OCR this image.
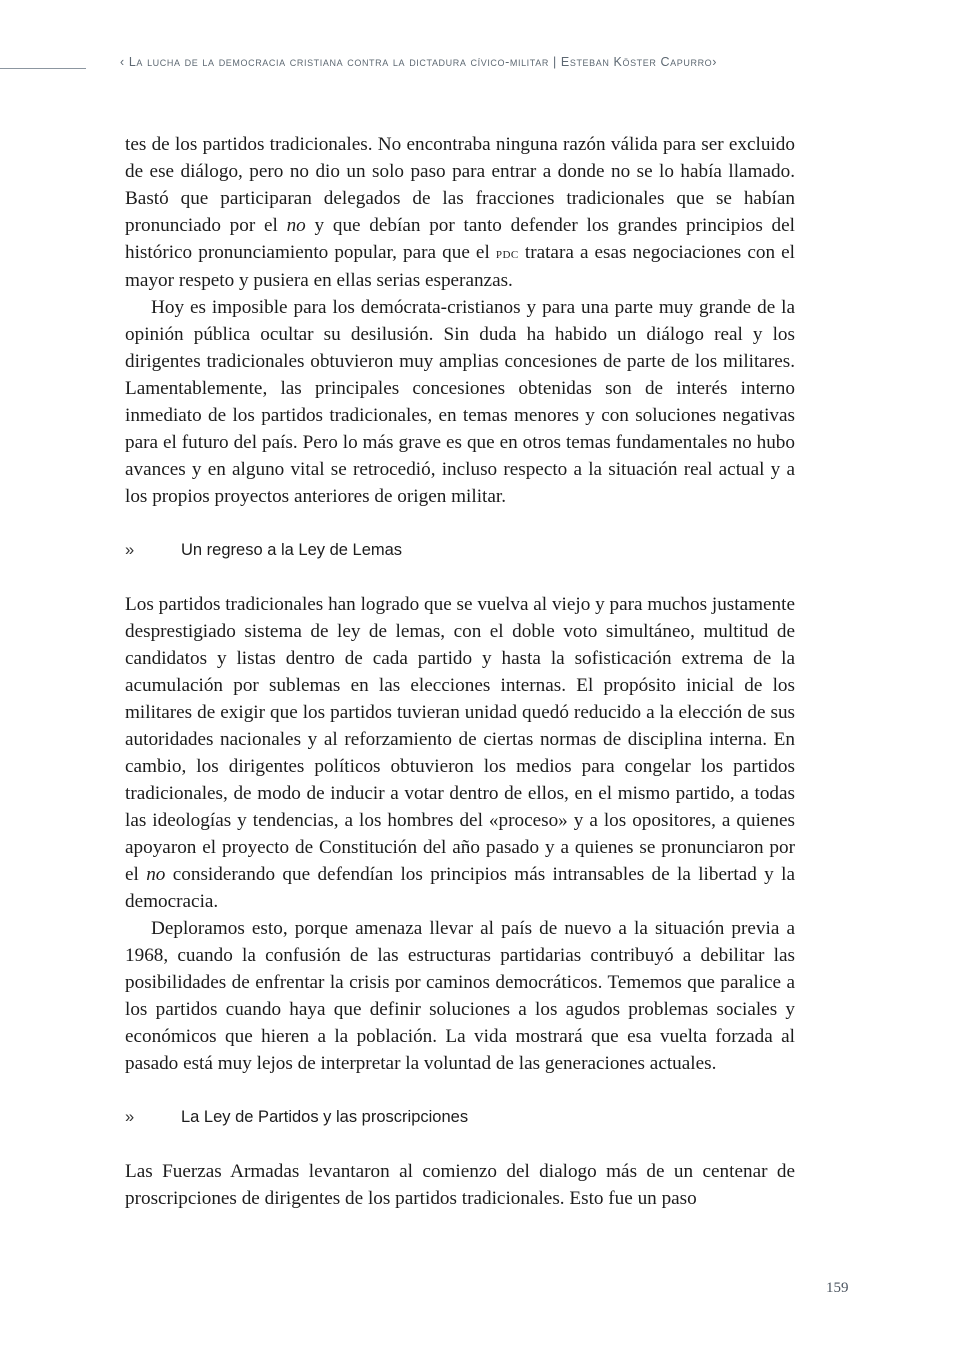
‹ La lucha de la democracia cristiana contra la dictadura cívico-militar | Esteban Köster Capurro›

tes de los partidos tradicionales. No encontraba ninguna razón válida para ser excluido de ese diálogo, pero no dio un solo paso para entrar a donde no se lo había llamado. Bastó que participaran delegados de las fracciones tradicionales que se habían pronunciado por el no y que debían por tanto defender los grandes principios del histórico pronunciamiento popular, para que el pdc tratara a esas negociaciones con el mayor respeto y pusiera en ellas serias esperanzas.

Hoy es imposible para los demócrata-cristianos y para una parte muy grande de la opinión pública ocultar su desilusión. Sin duda ha habido un diálogo real y los dirigentes tradicionales obtuvieron muy amplias concesiones de parte de los militares. Lamentablemente, las principales concesiones obtenidas son de interés interno inmediato de los partidos tradicionales, en temas menores y con soluciones negativas para el futuro del país. Pero lo más grave es que en otros temas fundamentales no hubo avances y en alguno vital se retrocedió, incluso respecto a la situación real actual y a los propios proyectos anteriores de origen militar.

»	Un regreso a la Ley de Lemas

Los partidos tradicionales han logrado que se vuelva al viejo y para muchos justamente desprestigiado sistema de ley de lemas, con el doble voto simultáneo, multitud de candidatos y listas dentro de cada partido y hasta la sofisticación extrema de la acumulación por sublemas en las elecciones internas. El propósito inicial de los militares de exigir que los partidos tuvieran unidad quedó reducido a la elección de sus autoridades nacionales y al reforzamiento de ciertas normas de disciplina interna. En cambio, los dirigentes políticos obtuvieron los medios para congelar los partidos tradicionales, de modo de inducir a votar dentro de ellos, en el mismo partido, a todas las ideologías y tendencias, a los hombres del «proceso» y a los opositores, a quienes apoyaron el proyecto de Constitución del año pasado y a quienes se pronunciaron por el no considerando que defendían los principios más intransables de la libertad y la democracia.

Deploramos esto, porque amenaza llevar al país de nuevo a la situación previa a 1968, cuando la confusión de las estructuras partidarias contribuyó a debilitar las posibilidades de enfrentar la crisis por caminos democráticos. Tememos que paralice a los partidos cuando haya que definir soluciones a los agudos problemas sociales y económicos que hieren a la población. La vida mostrará que esa vuelta forzada al pasado está muy lejos de interpretar la voluntad de las generaciones actuales.

»	La Ley de Partidos y las proscripciones

Las Fuerzas Armadas levantaron al comienzo del dialogo más de un centenar de proscripciones de dirigentes de los partidos tradicionales. Esto fue un paso

159
